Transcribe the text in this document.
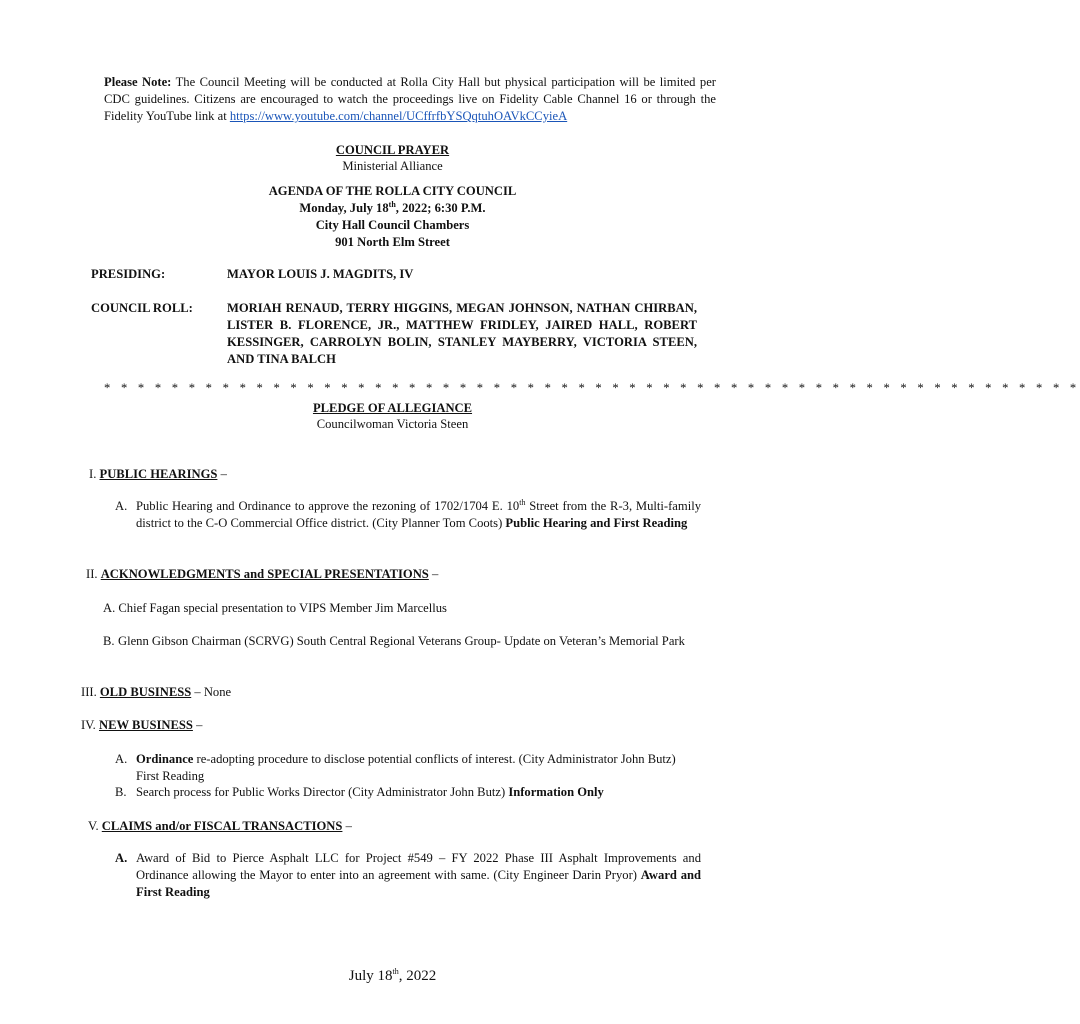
Please Note: The Council Meeting will be conducted at Rolla City Hall but physical participation will be limited per CDC guidelines. Citizens are encouraged to watch the proceedings live on Fidelity Cable Channel 16 or through the Fidelity YouTube link at https://www.youtube.com/channel/UCffrfbYSQqtuhOAVkCCyieA
COUNCIL PRAYER
Ministerial Alliance
AGENDA OF THE ROLLA CITY COUNCIL
Monday, July 18th, 2022; 6:30 P.M.
City Hall Council Chambers
901 North Elm Street
PRESIDING:	MAYOR LOUIS J. MAGDITS, IV
COUNCIL ROLL:	MORIAH RENAUD, TERRY HIGGINS, MEGAN JOHNSON, NATHAN CHIRBAN, LISTER B. FLORENCE, JR., MATTHEW FRIDLEY, JAIRED HALL, ROBERT KESSINGER, CARROLYN BOLIN, STANLEY MAYBERRY, VICTORIA STEEN, AND TINA BALCH
* * * * * * * * * * * * * * * * * * * * * * * * * * * * * * * * * * * * * * * * * * * * * * * * * * * * * * * * * *
PLEDGE OF ALLEGIANCE
Councilwoman Victoria Steen
I. PUBLIC HEARINGS –
A. Public Hearing and Ordinance to approve the rezoning of 1702/1704 E. 10th Street from the R-3, Multi-family district to the C-O Commercial Office district. (City Planner Tom Coots) Public Hearing and First Reading
II. ACKNOWLEDGMENTS and SPECIAL PRESENTATIONS –
A. Chief Fagan special presentation to VIPS Member Jim Marcellus
B. Glenn Gibson Chairman (SCRVG) South Central Regional Veterans Group- Update on Veteran’s Memorial Park
III. OLD BUSINESS – None
IV. NEW BUSINESS –
A. Ordinance re-adopting procedure to disclose potential conflicts of interest. (City Administrator John Butz) First Reading
B. Search process for Public Works Director (City Administrator John Butz) Information Only
V. CLAIMS and/or FISCAL TRANSACTIONS –
A. Award of Bid to Pierce Asphalt LLC for Project #549 – FY 2022 Phase III Asphalt Improvements and Ordinance allowing the Mayor to enter into an agreement with same. (City Engineer Darin Pryor) Award and First Reading
July 18th, 2022
